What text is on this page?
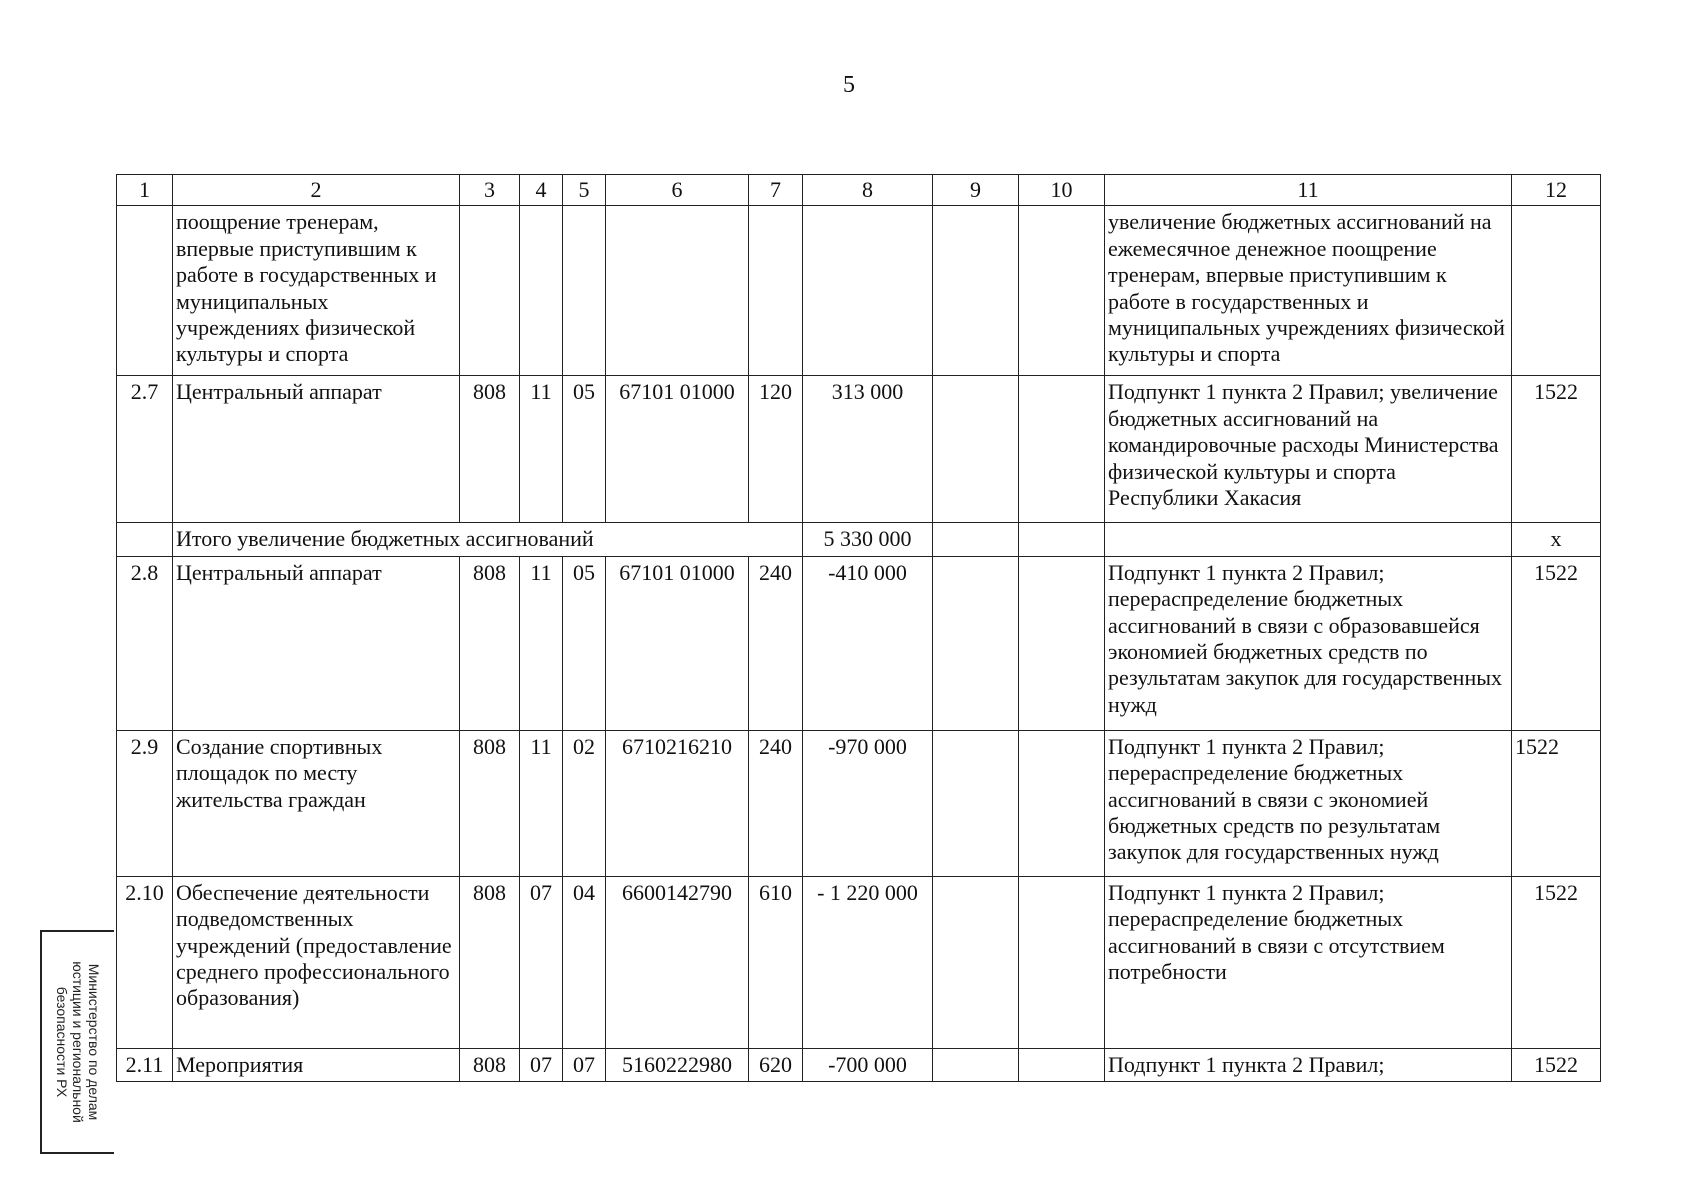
5
1	2	3	4	5	6	7	8	9	10	11	12
	поощрение тренерам, впервые приступившим к работе в государственных и муниципальных учреждениях физической культуры и спорта									увеличение бюджетных ассигнований на ежемесячное денежное поощрение тренерам, впервые приступившим к работе в государственных и муниципальных учреждениях физической культуры и спорта	
2.7	Центральный аппарат	808	11	05	67101 01000	120	313 000			Подпункт 1 пункта 2 Правил; увеличение бюджетных ассигнований на командировочные расходы Министерства физической культуры и спорта Республики Хакасия	1522
	Итого увеличение бюджетных ассигнований						5 330 000				x
2.8	Центральный аппарат	808	11	05	67101 01000	240	-410 000			Подпункт 1 пункта 2 Правил; перераспределение бюджетных ассигнований в связи с образовавшейся экономией бюджетных средств по результатам закупок для государственных нужд	1522
2.9	Создание спортивных площадок по месту жительства граждан	808	11	02	6710216210	240	-970 000			Подпункт 1 пункта 2 Правил; перераспределение бюджетных ассигнований в связи с экономией бюджетных средств по результатам закупок для государственных нужд	1522
2.10	Обеспечение деятельности подведомственных учреждений (предоставление среднего профессионального образования)	808	07	04	6600142790	610	- 1 220 000			Подпункт 1 пункта 2 Правил; перераспределение бюджетных ассигнований в связи с отсутствием потребности	1522
2.11	Мероприятия	808	07	07	5160222980	620	-700 000			Подпункт 1 пункта 2 Правил;	1522
Министерство по делам
юстиции и региональной
безопасности РХ
